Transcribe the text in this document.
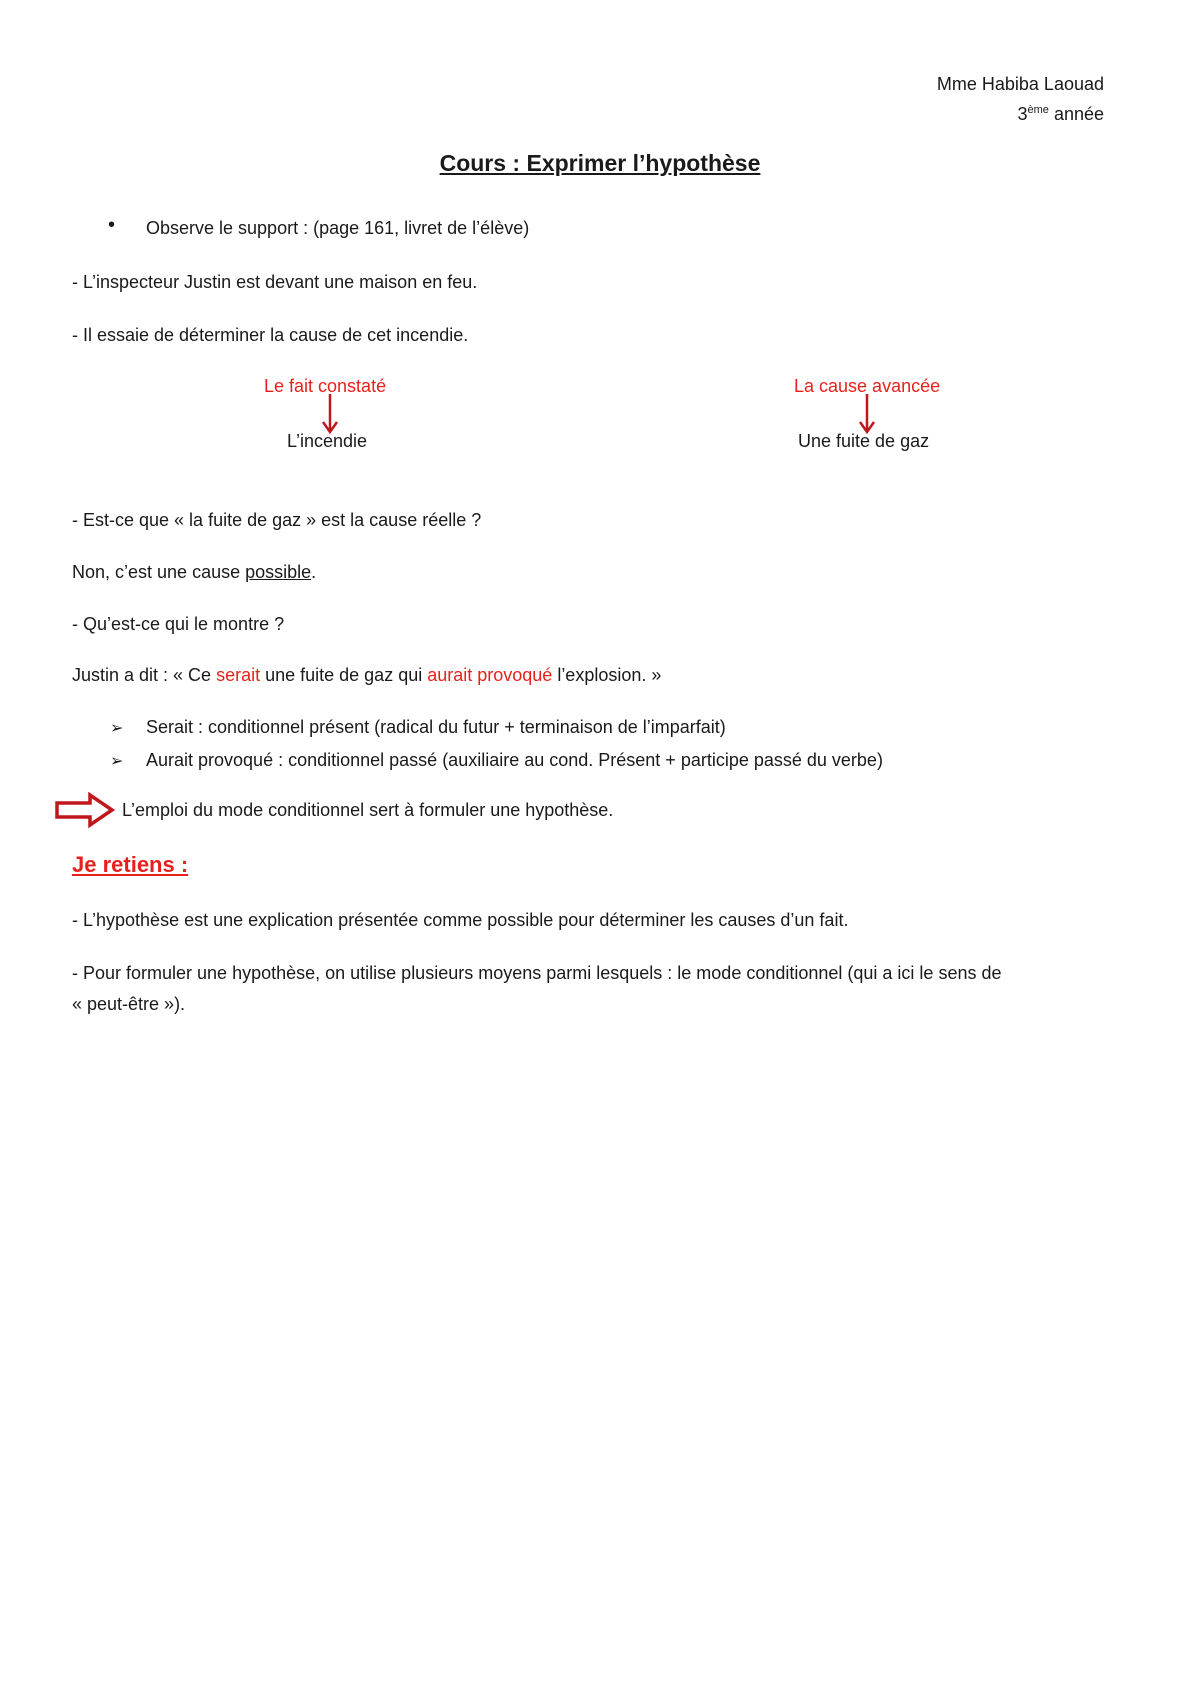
Mme Habiba Laouad
3ème année
Cours : Exprimer l’hypothèse
• Observe le support : (page 161, livret de l’élève)
- L’inspecteur Justin est devant une maison en feu.
- Il essaie de déterminer la cause de cet incendie.
Le fait constaté
L’incendie
La cause avancée
Une fuite de gaz
- Est-ce que « la fuite de gaz » est la cause réelle ?
Non, c’est une cause possible.
- Qu’est-ce qui le montre ?
Justin a dit : « Ce serait une fuite de gaz qui aurait provoqué l’explosion. »
➢ Serait : conditionnel présent (radical du futur + terminaison de l’imparfait)
➢ Aurait provoqué : conditionnel passé (auxiliaire au cond. Présent + participe passé du verbe)
L’emploi du mode conditionnel sert à formuler une hypothèse.
Je retiens :
- L’hypothèse est une explication présentée comme possible pour déterminer les causes d’un fait.
- Pour formuler une hypothèse, on utilise plusieurs moyens parmi lesquels : le mode conditionnel (qui a ici le sens de
« peut-être »).
